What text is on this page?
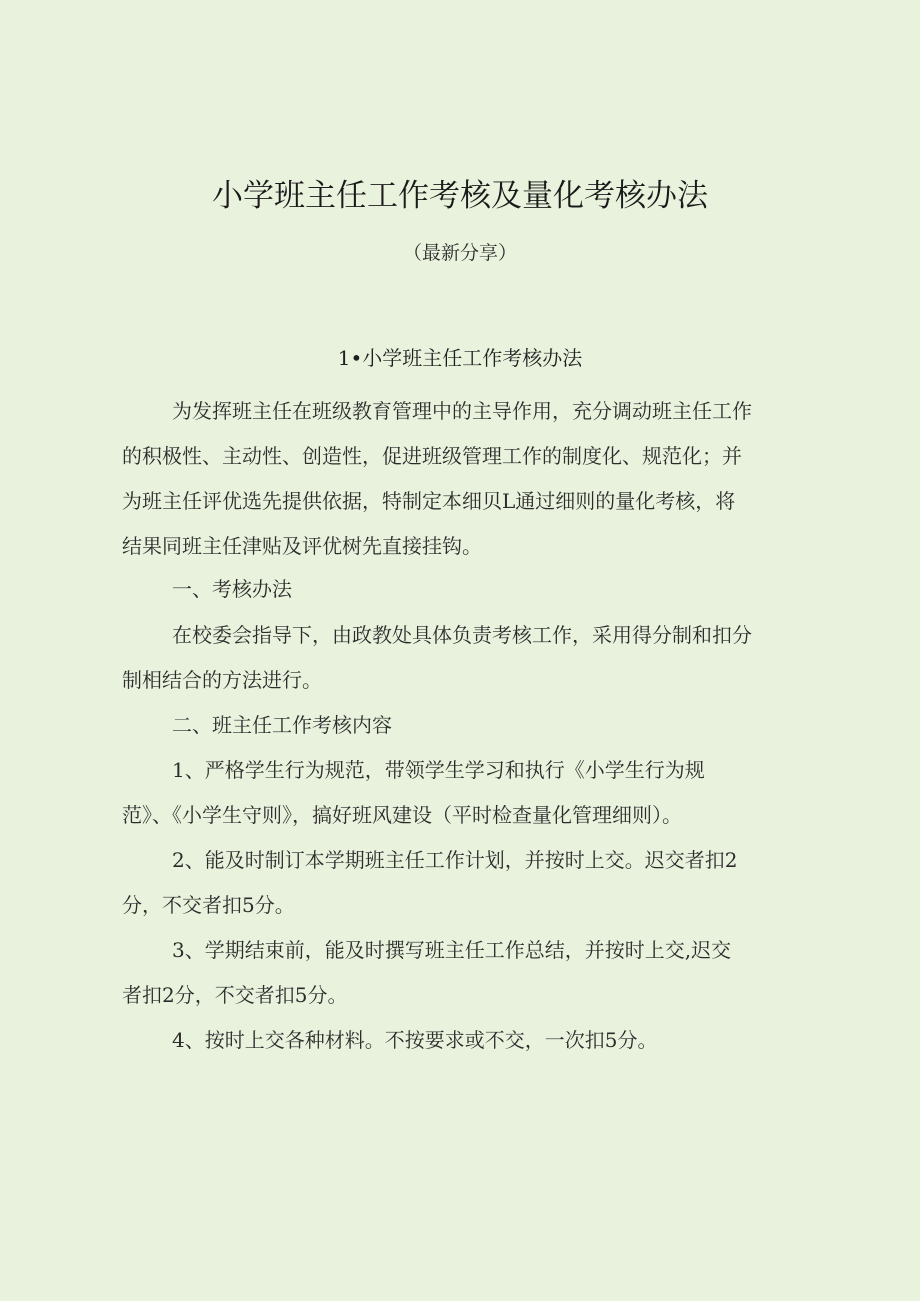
小学班主任工作考核及量化考核办法
（最新分享）
1•小学班主任工作考核办法

为发挥班主任在班级教育管理中的主导作用，充分调动班主任工作
的积极性、主动性、创造性，促进班级管理工作的制度化、规范化；并
为班主任评优选先提供依据，特制定本细贝L通过细则的量化考核，将
结果同班主任津贴及评优树先直接挂钩。

一、考核办法

在校委会指导下，由政教处具体负责考核工作，采用得分制和扣分
制相结合的方法进行。

二、班主任工作考核内容

1、严格学生行为规范，带领学生学习和执行《小学生行为规
范》、《小学生守则》，搞好班风建设（平时检查量化管理细则）。

2、能及时制订本学期班主任工作计划，并按时上交。迟交者扣2
分，不交者扣5分。

3、学期结束前，能及时撰写班主任工作总结，并按时上交,迟交
者扣2分，不交者扣5分。

4、按时上交各种材料。不按要求或不交，一次扣5分。
